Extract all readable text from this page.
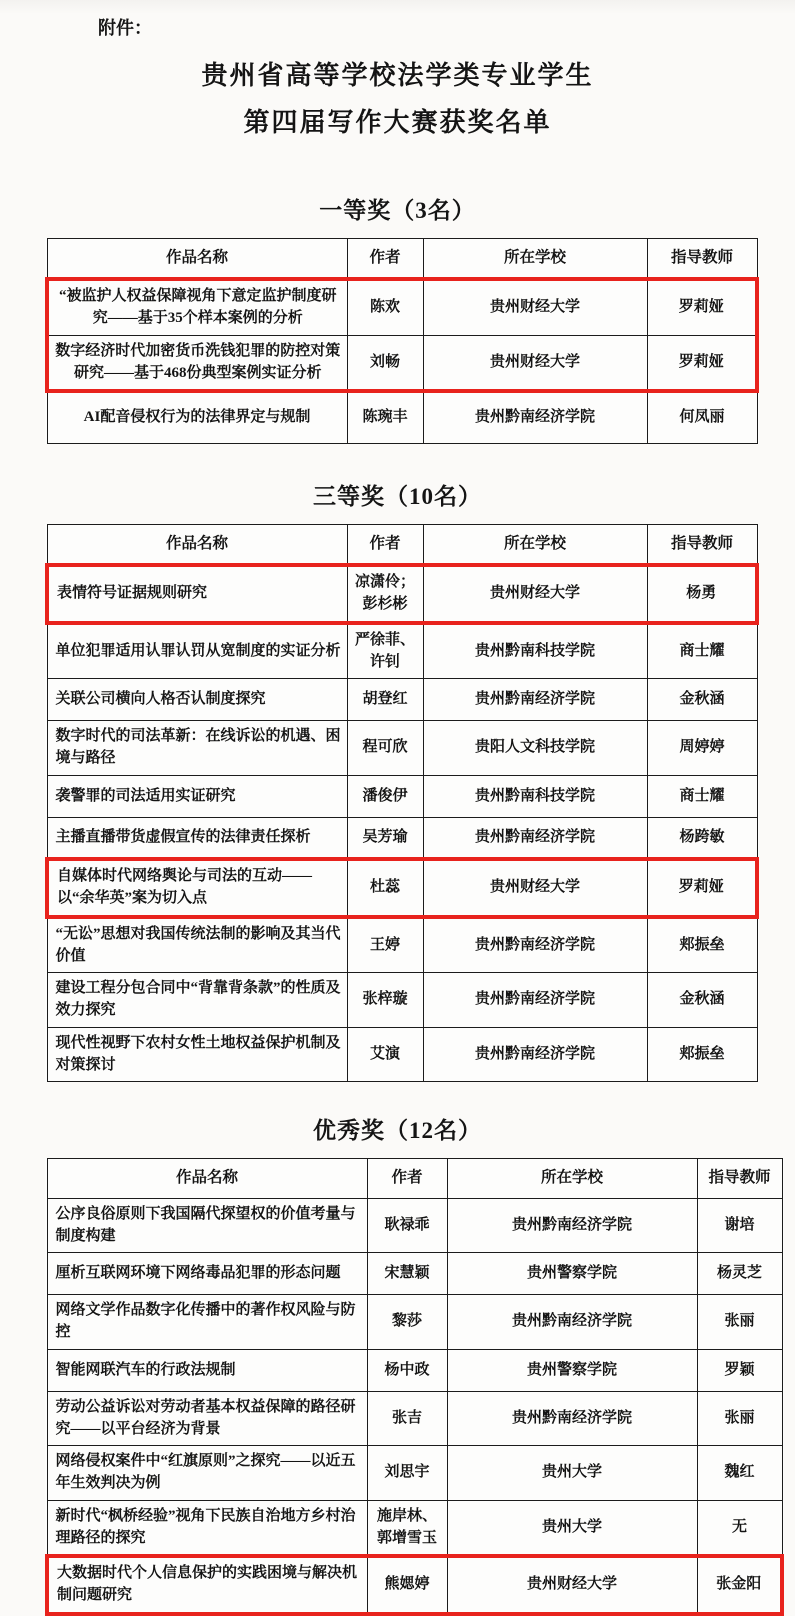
附件：
贵州省高等学校法学类专业学生
第四届写作大赛获奖名单
一等奖（3名）
作品名称	作者	所在学校	指导教师
“被监护人权益保障视角下意定监护制度研究——基于35个样本案例的分析	陈欢	贵州财经大学	罗莉娅
数字经济时代加密货币洗钱犯罪的防控对策研究——基于468份典型案例实证分析	刘畅	贵州财经大学	罗莉娅
AI配音侵权行为的法律界定与规制	陈琬丰	贵州黔南经济学院	何凤丽
三等奖（10名）
作品名称	作者	所在学校	指导教师
表情符号证据规则研究	凉潇伶；彭杉彬	贵州财经大学	杨勇
单位犯罪适用认罪认罚从宽制度的实证分析	严徐菲、许钊	贵州黔南科技学院	商士耀
关联公司横向人格否认制度探究	胡登红	贵州黔南经济学院	金秋涵
数字时代的司法革新：在线诉讼的机遇、困境与路径	程可欣	贵阳人文科技学院	周婷婷
袭警罪的司法适用实证研究	潘俊伊	贵州黔南科技学院	商士耀
主播直播带货虚假宣传的法律责任探析	吴芳瑜	贵州黔南经济学院	杨跨敏
自媒体时代网络舆论与司法的互动——以“余华英”案为切入点	杜蕊	贵州财经大学	罗莉娅
“无讼”思想对我国传统法制的影响及其当代价值	王婷	贵州黔南经济学院	郏振垒
建设工程分包合同中“背靠背条款”的性质及效力探究	张梓璇	贵州黔南经济学院	金秋涵
现代性视野下农村女性土地权益保护机制及对策探讨	艾演	贵州黔南经济学院	郏振垒
优秀奖（12名）
作品名称	作者	所在学校	指导教师
公序良俗原则下我国隔代探望权的价值考量与制度构建	耿禄乖	贵州黔南经济学院	谢培
厘析互联网环境下网络毒品犯罪的形态问题	宋慧颖	贵州警察学院	杨灵芝
网络文学作品数字化传播中的著作权风险与防控	黎莎	贵州黔南经济学院	张丽
智能网联汽车的行政法规制	杨中政	贵州警察学院	罗颖
劳动公益诉讼对劳动者基本权益保障的路径研究——以平台经济为背景	张吉	贵州黔南经济学院	张丽
网络侵权案件中“红旗原则”之探究——以近五年生效判决为例	刘思宇	贵州大学	魏红
新时代“枫桥经验”视角下民族自治地方乡村治理路径的探究	施岸林、郭增雪玉	贵州大学	无
大数据时代个人信息保护的实践困境与解决机制问题研究	熊媤婷	贵州财经大学	张金阳
